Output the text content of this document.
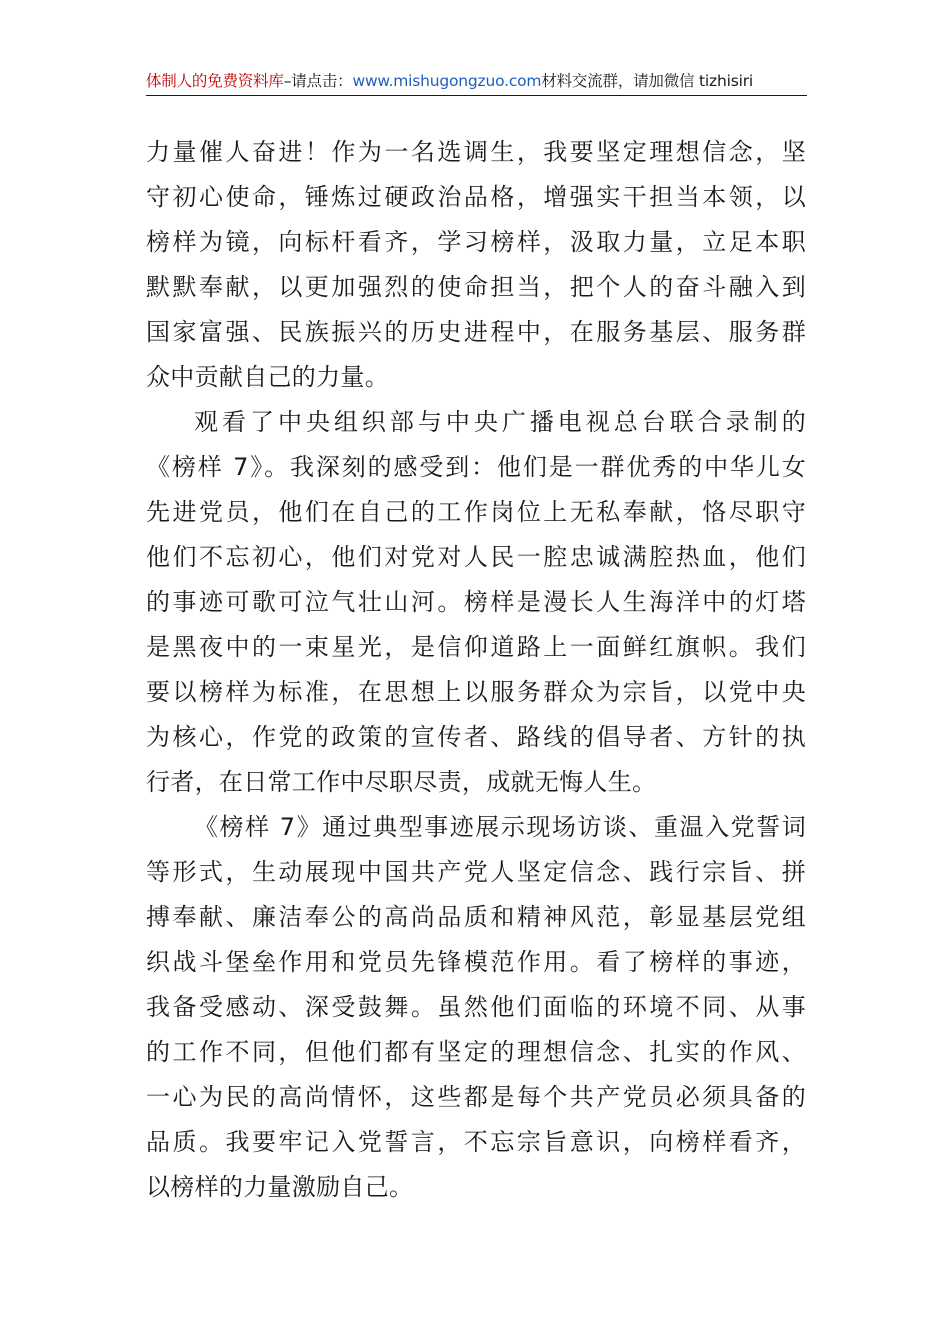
体制人的免费资料库–请点击：www.mishugongzuo.com材料交流群，请加微信 tizhisiri
力量催人奋进！作为一名选调生，我要坚定理想信念，坚
守初心使命，锤炼过硬政治品格，增强实干担当本领，以
榜样为镜，向标杆看齐，学习榜样，汲取力量，立足本职
默默奉献，以更加强烈的使命担当，把个人的奋斗融入到
国家富强、民族振兴的历史进程中，在服务基层、服务群
众中贡献自己的力量。
观看了中央组织部与中央广播电视总台联合录制的
《榜样 7》。我深刻的感受到：他们是一群优秀的中华儿女
先进党员，他们在自己的工作岗位上无私奉献，恪尽职守
他们不忘初心，他们对党对人民一腔忠诚满腔热血，他们
的事迹可歌可泣气壮山河。榜样是漫长人生海洋中的灯塔
是黑夜中的一束星光，是信仰道路上一面鲜红旗帜。我们
要以榜样为标准，在思想上以服务群众为宗旨，以党中央
为核心，作党的政策的宣传者、路线的倡导者、方针的执
行者，在日常工作中尽职尽责，成就无悔人生。
《榜样 7》通过典型事迹展示现场访谈、重温入党誓词
等形式，生动展现中国共产党人坚定信念、践行宗旨、拼
搏奉献、廉洁奉公的高尚品质和精神风范，彰显基层党组
织战斗堡垒作用和党员先锋模范作用。看了榜样的事迹，
我备受感动、深受鼓舞。虽然他们面临的环境不同、从事
的工作不同，但他们都有坚定的理想信念、扎实的作风、
一心为民的高尚情怀，这些都是每个共产党员必须具备的
品质。我要牢记入党誓言，不忘宗旨意识，向榜样看齐，
以榜样的力量激励自己。
